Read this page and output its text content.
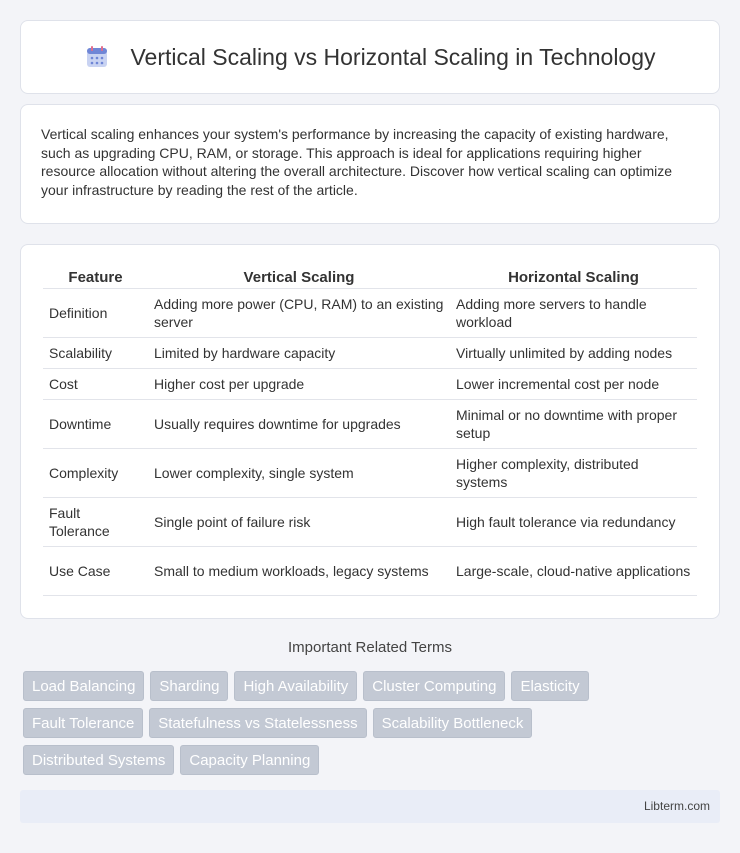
Vertical Scaling vs Horizontal Scaling in Technology

Vertical scaling enhances your system's performance by increasing the capacity of existing hardware, such as upgrading CPU, RAM, or storage. This approach is ideal for applications requiring higher resource allocation without altering the overall architecture. Discover how vertical scaling can optimize your infrastructure by reading the rest of the article.

Feature	Vertical Scaling	Horizontal Scaling
Definition	Adding more power (CPU, RAM) to an existing server	Adding more servers to handle workload
Scalability	Limited by hardware capacity	Virtually unlimited by adding nodes
Cost	Higher cost per upgrade	Lower incremental cost per node
Downtime	Usually requires downtime for upgrades	Minimal or no downtime with proper setup
Complexity	Lower complexity, single system	Higher complexity, distributed systems
Fault Tolerance	Single point of failure risk	High fault tolerance via redundancy
Use Case	Small to medium workloads, legacy systems	Large-scale, cloud-native applications
Important Related Terms
Load Balancing	Sharding	High Availability	Cluster Computing	Elasticity
Fault Tolerance	Statefulness vs Statelessness	Scalability Bottleneck
Distributed Systems	Capacity Planning
Libterm.com
